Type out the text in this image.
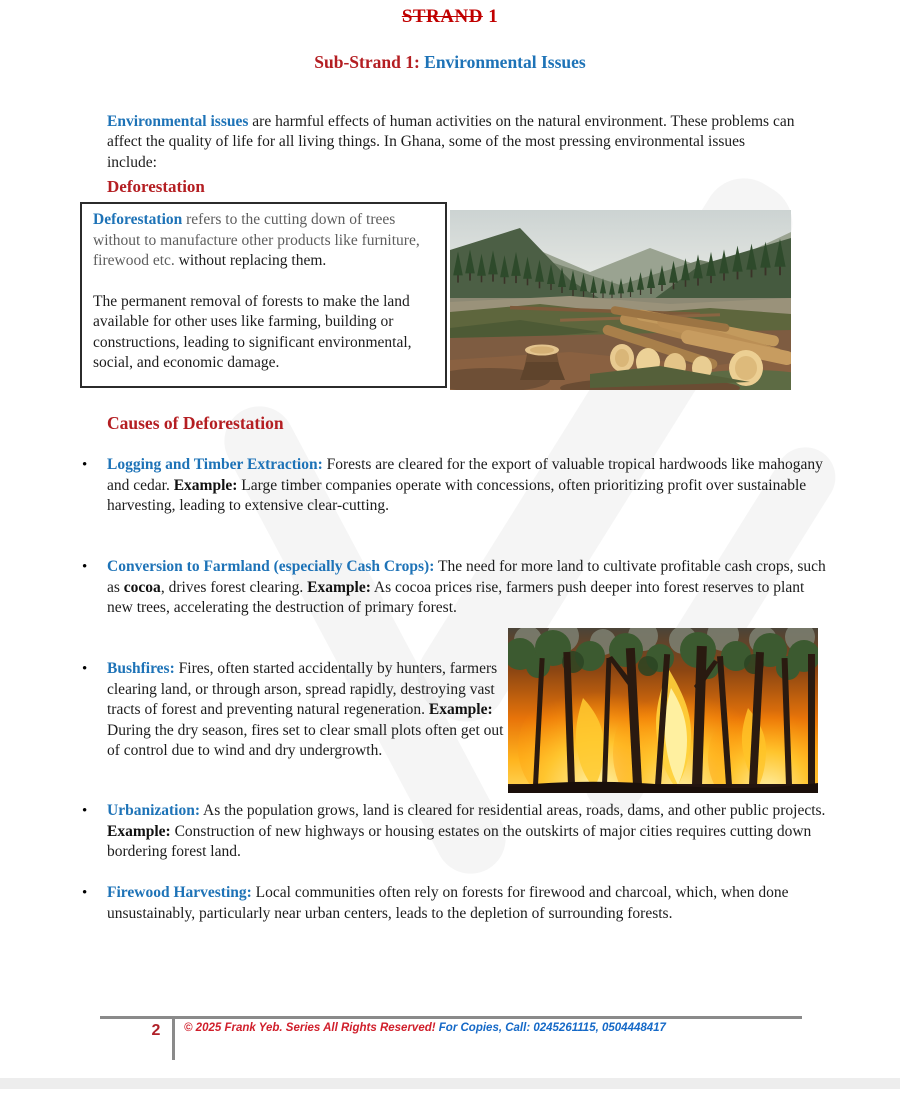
STRAND 1
Sub-Strand 1: Environmental Issues

Environmental issues are harmful effects of human activities on the natural environment. These problems can affect the quality of life for all living things. In Ghana, some of the most pressing environmental issues include:

Deforestation

Deforestation refers to the cutting down of trees without to manufacture other products like furniture, firewood etc. without replacing them.

The permanent removal of forests to make the land available for other uses like farming, building or constructions, leading to significant environmental, social, and economic damage.

Causes of Deforestation
•
Logging and Timber Extraction: Forests are cleared for the export of valuable tropical hardwoods like mahogany and cedar. Example: Large timber companies operate with concessions, often prioritizing profit over sustainable harvesting, leading to extensive clear-cutting.
•
Conversion to Farmland (especially Cash Crops): The need for more land to cultivate profitable cash crops, such as cocoa, drives forest clearing. Example: As cocoa prices rise, farmers push deeper into forest reserves to plant new trees, accelerating the destruction of primary forest.
•
Bushfires: Fires, often started accidentally by hunters, farmers clearing land, or through arson, spread rapidly, destroying vast tracts of forest and preventing natural regeneration. Example: During the dry season, fires set to clear small plots often get out of control due to wind and dry undergrowth.
•
Urbanization: As the population grows, land is cleared for residential areas, roads, dams, and other public projects. Example: Construction of new highways or housing estates on the outskirts of major cities requires cutting down bordering forest land.
•
Firewood Harvesting: Local communities often rely on forests for firewood and charcoal, which, when done unsustainably, particularly near urban centers, leads to the depletion of surrounding forests.
2	© 2025 Frank Yeb. Series All Rights Reserved! For Copies, Call: 0245261115, 0504448417
